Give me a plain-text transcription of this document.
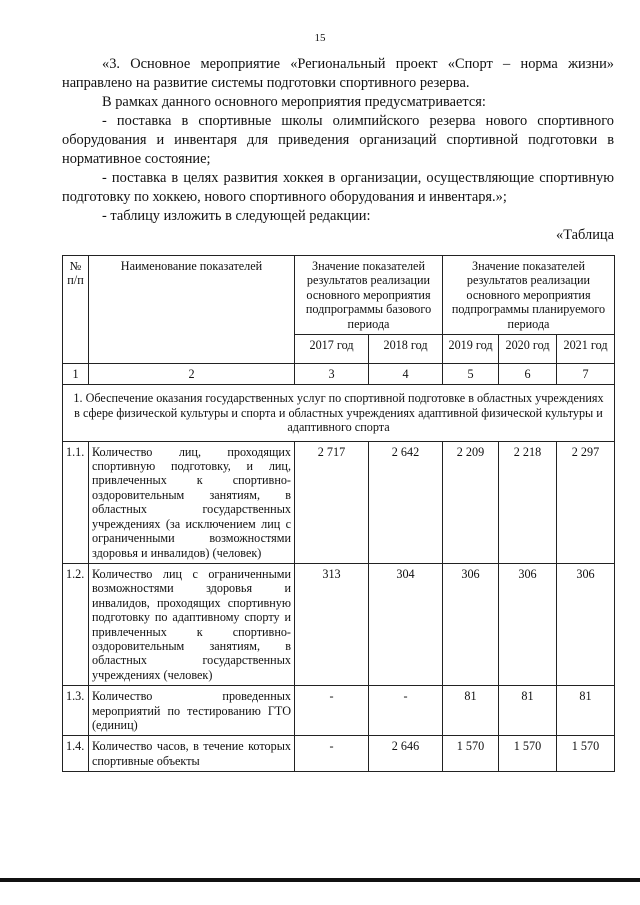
15

«3. Основное мероприятие «Региональный проект «Спорт – норма жизни» направлено на развитие системы подготовки спортивного резерва.

В рамках данного основного мероприятия предусматривается:

- поставка в спортивные школы олимпийского резерва нового спортивного оборудования и инвентаря для приведения организаций спортивной подготовки в нормативное состояние;

- поставка в целях развития хоккея в организации, осуществляющие спортивную подготовку по хоккею, нового спортивного оборудования и инвентаря.»;

- таблицу изложить в следующей редакции:

«Таблица

№ п/п	Наименование показателей	Значение показателей результатов реализации основного мероприятия подпрограммы базового периода		Значение показателей результатов реализации основного мероприятия подпрограммы планируемого периода		
		2017 год	2018 год	2019 год	2020 год	2021 год
1	2	3	4	5	6	7
1. Обеспечение оказания государственных услуг по спортивной подготовке в областных учреждениях в сфере физической культуры и спорта и областных учреждениях адаптивной физической культуры и адаптивного спорта						
1.1.	Количество лиц, проходящих спортивную подготовку, и лиц, привлеченных к спортивно-оздоровительным занятиям, в областных государственных учреждениях (за исключением лиц с ограниченными возможностями здоровья и инвалидов) (человек)	2 717	2 642	2 209	2 218	2 297
1.2.	Количество лиц с ограниченными возможностями здоровья и инвалидов, проходящих спортивную подготовку по адаптивному спорту и привлеченных к спортивно-оздоровительным занятиям, в областных государственных учреждениях (человек)	313	304	306	306	306
1.3.	Количество проведенных мероприятий по тестированию ГТО (единиц)	-	-	81	81	81
1.4.	Количество часов, в течение которых спортивные объекты	-	2 646	1 570	1 570	1 570
